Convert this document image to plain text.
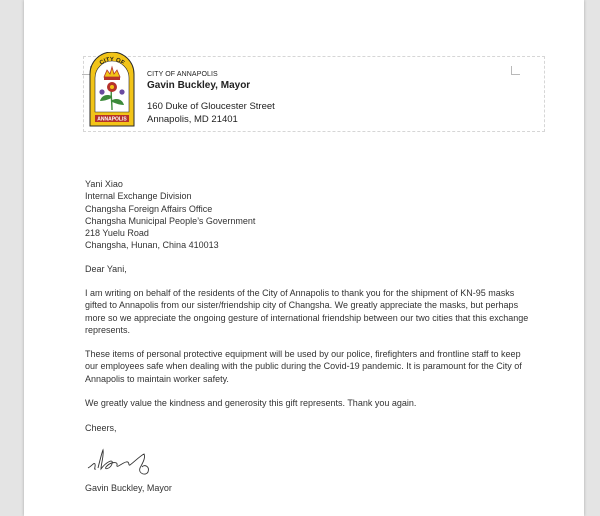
CITY OF
ANNAPOLIS
CITY OF ANNAPOLIS
Gavin Buckley, Mayor
160 Duke of Gloucester Street
Annapolis, MD 21401
Yani Xiao
Internal Exchange Division
Changsha Foreign Affairs Office
Changsha Municipal People’s Government
218 Yuelu Road
Changsha, Hunan, China 410013

Dear Yani,

I am writing on behalf of the residents of the City of Annapolis to thank you for the shipment of KN-95 masks gifted to Annapolis from our sister/friendship city of Changsha. We greatly appreciate the masks, but perhaps more so we appreciate the ongoing gesture of international friendship between our two cities that this exchange represents.

These items of personal protective equipment will be used by our police, firefighters and frontline staff to keep our employees safe when dealing with the public during the Covid-19 pandemic. It is paramount for the City of Annapolis to maintain worker safety.

We greatly value the kindness and generosity this gift represents. Thank you again.

Cheers,

Gavin Buckley, Mayor
